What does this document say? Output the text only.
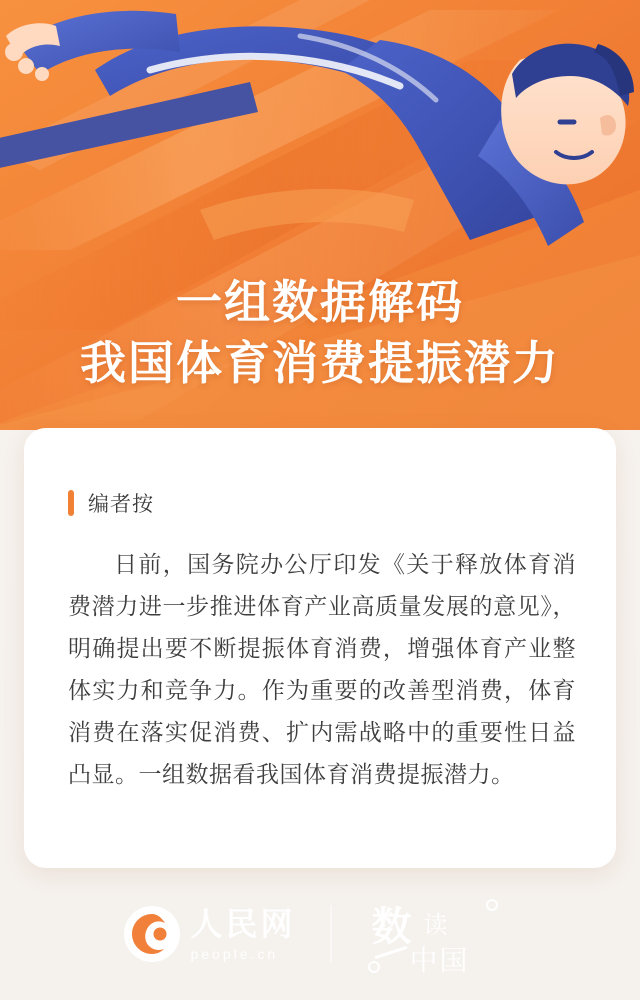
一组数据解码
我国体育消费提振潜力
编者按
日前，国务院办公厅印发《关于释放体育消费潜力进一步推进体育产业高质量发展的意见》，明确提出要不断提振体育消费，增强体育产业整体实力和竞争力。作为重要的改善型消费，体育消费在落实促消费、扩内需战略中的重要性日益凸显。一组数据看我国体育消费提振潜力。
人民网
people.cn
数 读
中国
